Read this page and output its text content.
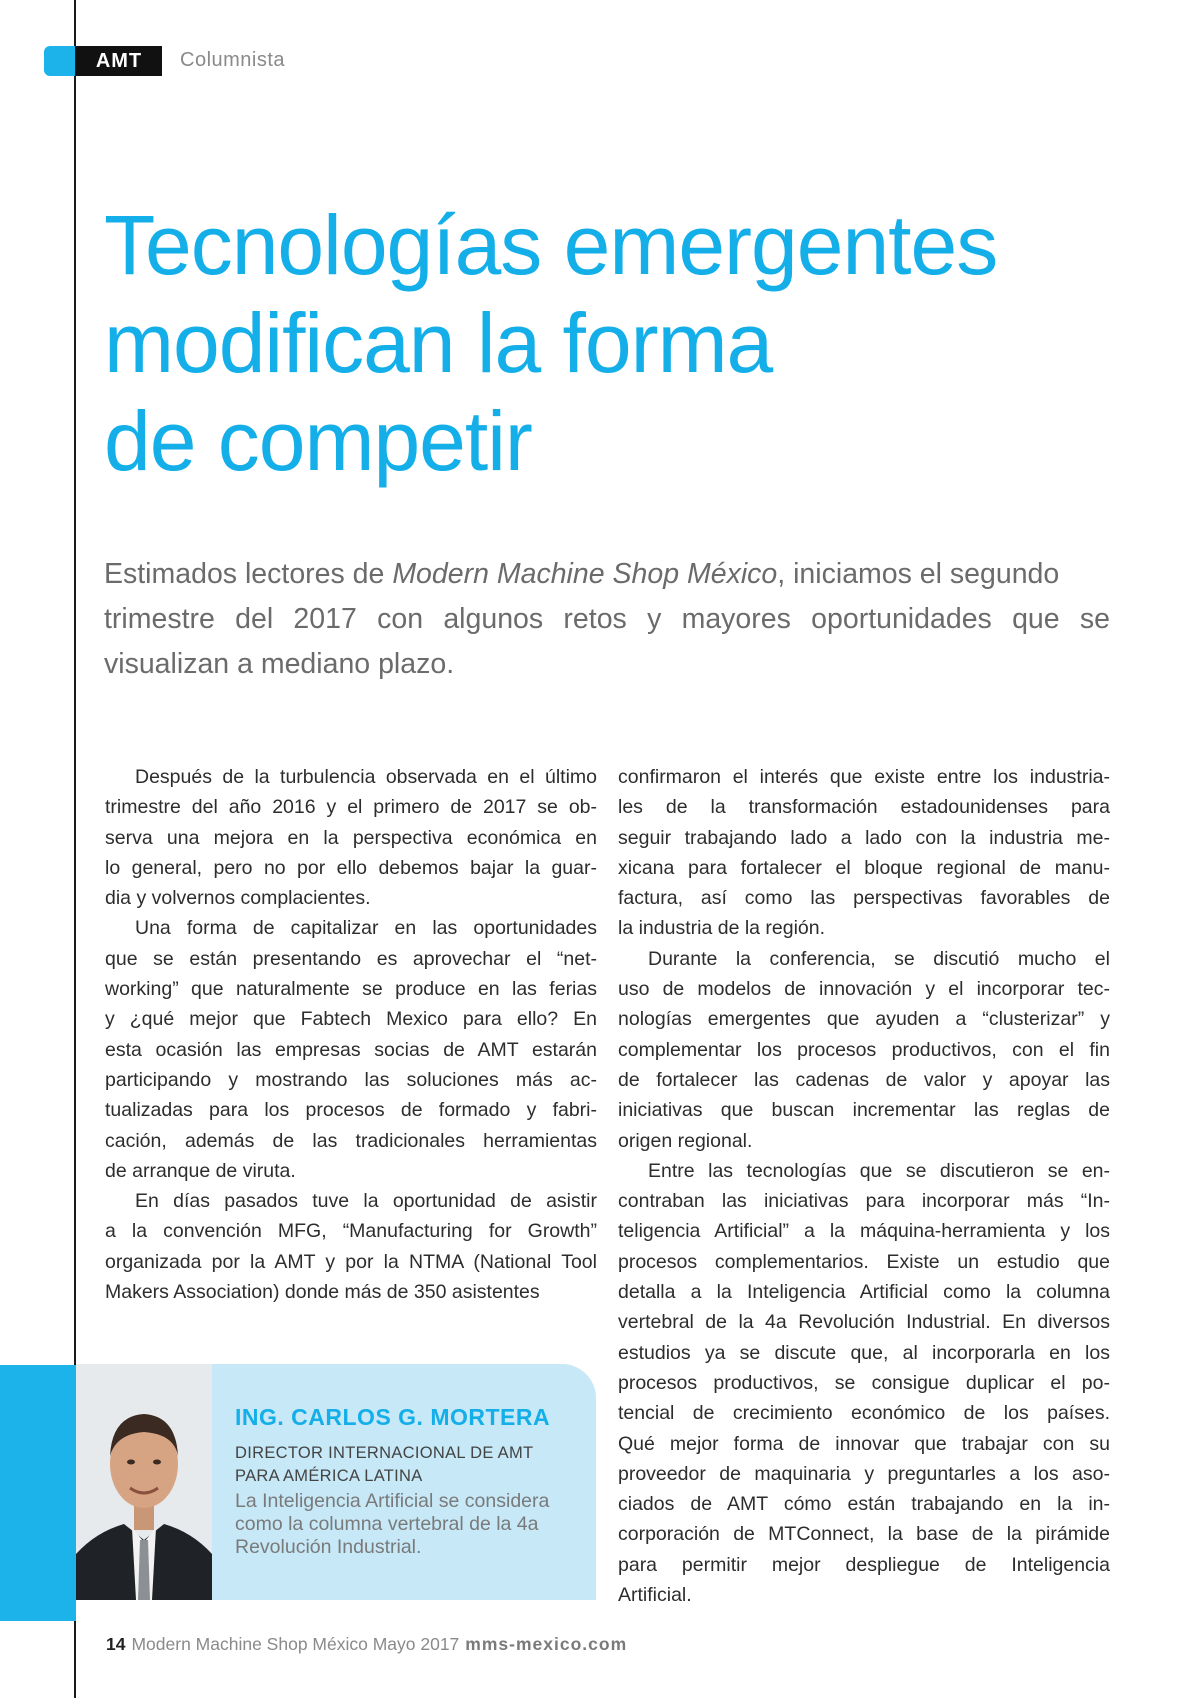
AMT	Columnista
Tecnologías emergentes
modifican la forma
de competir

Estimados lectores de Modern Machine Shop México, iniciamos el segundo
trimestre del 2017 con algunos retos y mayores oportunidades que se
visualizan a mediano plazo.

Después de la turbulencia observada en el último
trimestre del año 2016 y el primero de 2017 se ob-
serva una mejora en la perspectiva económica en
lo general, pero no por ello debemos bajar la guar-
dia y volvernos complacientes.
Una forma de capitalizar en las oportunidades
que se están presentando es aprovechar el “net-
working” que naturalmente se produce en las ferias
y ¿qué mejor que Fabtech Mexico para ello? En
esta ocasión las empresas socias de AMT estarán
participando y mostrando las soluciones más ac-
tualizadas para los procesos de formado y fabri-
cación, además de las tradicionales herramientas
de arranque de viruta.
En días pasados tuve la oportunidad de asistir
a la convención MFG, “Manufacturing for Growth”
organizada por la AMT y por la NTMA (National Tool
Makers Association) donde más de 350 asistentes
confirmaron el interés que existe entre los industria-
les de la transformación estadounidenses para
seguir trabajando lado a lado con la industria me-
xicana para fortalecer el bloque regional de manu-
factura, así como las perspectivas favorables de
la industria de la región.
Durante la conferencia, se discutió mucho el
uso de modelos de innovación y el incorporar tec-
nologías emergentes que ayuden a “clusterizar” y
complementar los procesos productivos, con el fin
de fortalecer las cadenas de valor y apoyar las
iniciativas que buscan incrementar las reglas de
origen regional.
Entre las tecnologías que se discutieron se en-
contraban las iniciativas para incorporar más “In-
teligencia Artificial” a la máquina-herramienta y los
procesos complementarios. Existe un estudio que
detalla a la Inteligencia Artificial como la columna
vertebral de la 4a Revolución Industrial. En diversos
estudios ya se discute que, al incorporarla en los
procesos productivos, se consigue duplicar el po-
tencial de crecimiento económico de los países.
Qué mejor forma de innovar que trabajar con su
proveedor de maquinaria y preguntarles a los aso-
ciados de AMT cómo están trabajando en la in-
corporación de MTConnect, la base de la pirámide
para permitir mejor despliegue de Inteligencia
Artificial.
ING. CARLOS G. MORTERA
DIRECTOR INTERNACIONAL DE AMT
PARA AMÉRICA LATINA
La Inteligencia Artificial se considera
como la columna vertebral de la 4a
Revolución Industrial.
14 Modern Machine Shop México Mayo 2017 mms-mexico.com
